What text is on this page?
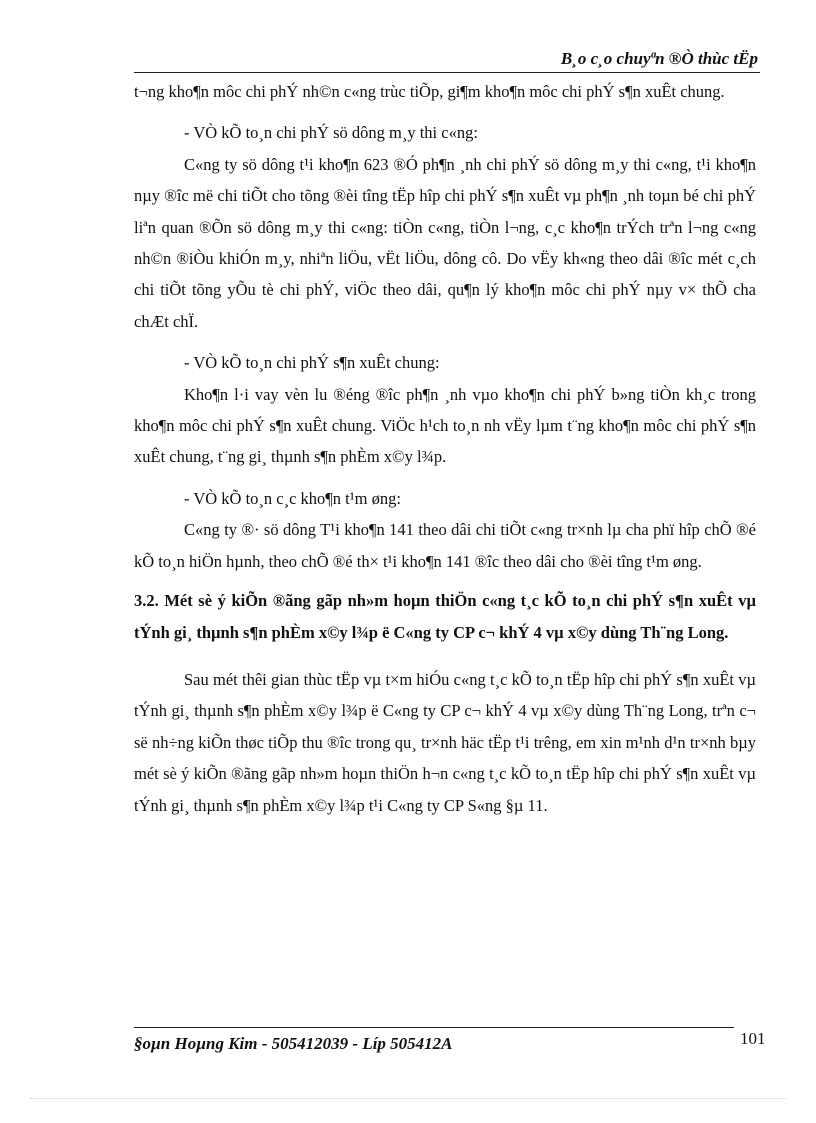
B¸o c¸o chuyªn ®Ò thùc tËp

t¬ng kho¶n môc chi phÝ nh©n c«ng trùc tiÕp, gi¶m kho¶n môc chi phÝ s¶n xuÊt chung.

- VÒ kÕ to¸n chi phÝ sö dông m¸y thi c«ng:

C«ng ty sö dông t¹i kho¶n 623 ®Ó ph¶n ¸nh chi phÝ sö dông m¸y thi c«ng, t¹i kho¶n nµy ®îc më chi tiÕt cho tõng ®èi tîng tËp hîp chi phÝ s¶n xuÊt vµ ph¶n ¸nh toµn bé chi phÝ liªn quan ®Õn sö dông m¸y thi c«ng: tiÒn c«ng, tiÒn l¬ng, c¸c kho¶n trÝch trªn l¬ng c«ng nh©n ®iÒu khiÓn m¸y, nhiªn liÖu, vËt liÖu, dông cô. Do vËy kh«ng theo dâi ®îc mét c¸ch chi tiÕt tõng yÕu tè chi phÝ, viÖc theo dâi, qu¶n lý kho¶n môc chi phÝ nµy v× thÕ cha chÆt chÏ.

- VÒ kÕ to¸n chi phÝ s¶n xuÊt chung:

Kho¶n l·i vay vèn lu ®éng ®îc ph¶n ¸nh vµo kho¶n chi phÝ b»ng tiÒn kh¸c trong kho¶n môc chi phÝ s¶n xuÊt chung. ViÖc h¹ch to¸n nh vËy lµm t¨ng kho¶n môc chi phÝ s¶n xuÊt chung, t¨ng gi¸ thµnh s¶n phÈm x©y l¾p.

- VÒ kÕ to¸n c¸c kho¶n t¹m øng:

C«ng ty ®· sö dông T¹i kho¶n 141 theo dâi chi tiÕt c«ng tr×nh lµ cha phï hîp chÕ ®é kÕ to¸n hiÖn hµnh, theo chÕ ®é th× t¹i kho¶n 141 ®îc theo dâi cho ®èi tîng t¹m øng.

3.2. Mét sè ý kiÕn ®ãng gãp nh»m hoµn thiÖn c«ng t¸c kÕ to¸n chi phÝ s¶n xuÊt vµ tÝnh gi¸ thµnh s¶n phÈm x©y l¾p ë C«ng ty CP c¬ khÝ 4 vµ x©y dùng Th¨ng Long.

Sau mét thêi gian thùc tËp vµ t×m hiÓu c«ng t¸c kÕ to¸n tËp hîp chi phÝ s¶n xuÊt vµ tÝnh gi¸ thµnh s¶n phÈm x©y l¾p ë C«ng ty CP c¬ khÝ 4 vµ x©y dùng Th¨ng Long, trªn c¬ së nh÷ng kiÕn thøc tiÕp thu ®îc trong qu¸ tr×nh häc tËp t¹i trêng, em xin m¹nh d¹n tr×nh bµy mét sè ý kiÕn ®ãng gãp nh»m hoµn thiÖn h¬n c«ng t¸c kÕ to¸n tËp hîp chi phÝ s¶n xuÊt vµ tÝnh gi¸ thµnh s¶n phÈm x©y l¾p t¹i C«ng ty CP S«ng §µ 11.

§oµn Hoµng Kim - 505412039 - Líp 505412A	101
